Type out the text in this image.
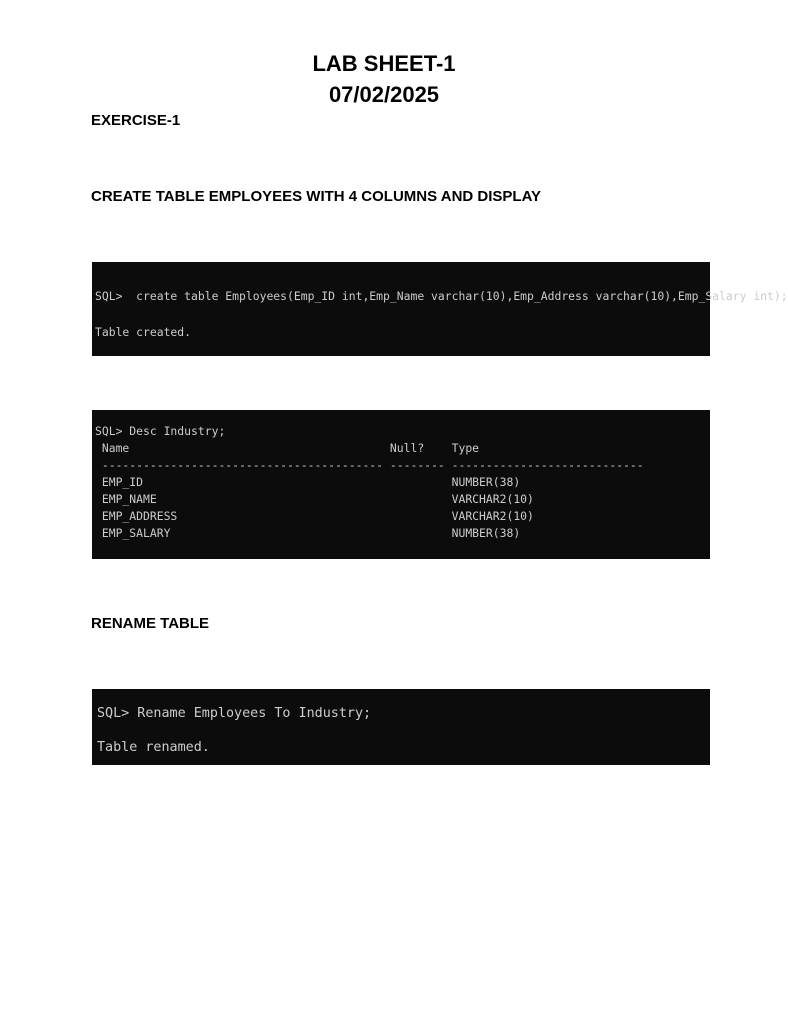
LAB SHEET-1
07/02/2025

EXERCISE-1

CREATE TABLE EMPLOYEES WITH 4 COLUMNS AND DISPLAY

SQL>  create table Employees(Emp_ID int,Emp_Name varchar(10),Emp_Address varchar(10),Emp_Salary int);
Table created.
SQL> Desc Industry;
Name                                      Null?    Type
----------------------------------------- -------- ----------------------------
EMP_ID                                             NUMBER(38)
EMP_NAME                                           VARCHAR2(10)
EMP_ADDRESS                                        VARCHAR2(10)
EMP_SALARY                                         NUMBER(38)

RENAME TABLE

SQL> Rename Employees To Industry;
Table renamed.
